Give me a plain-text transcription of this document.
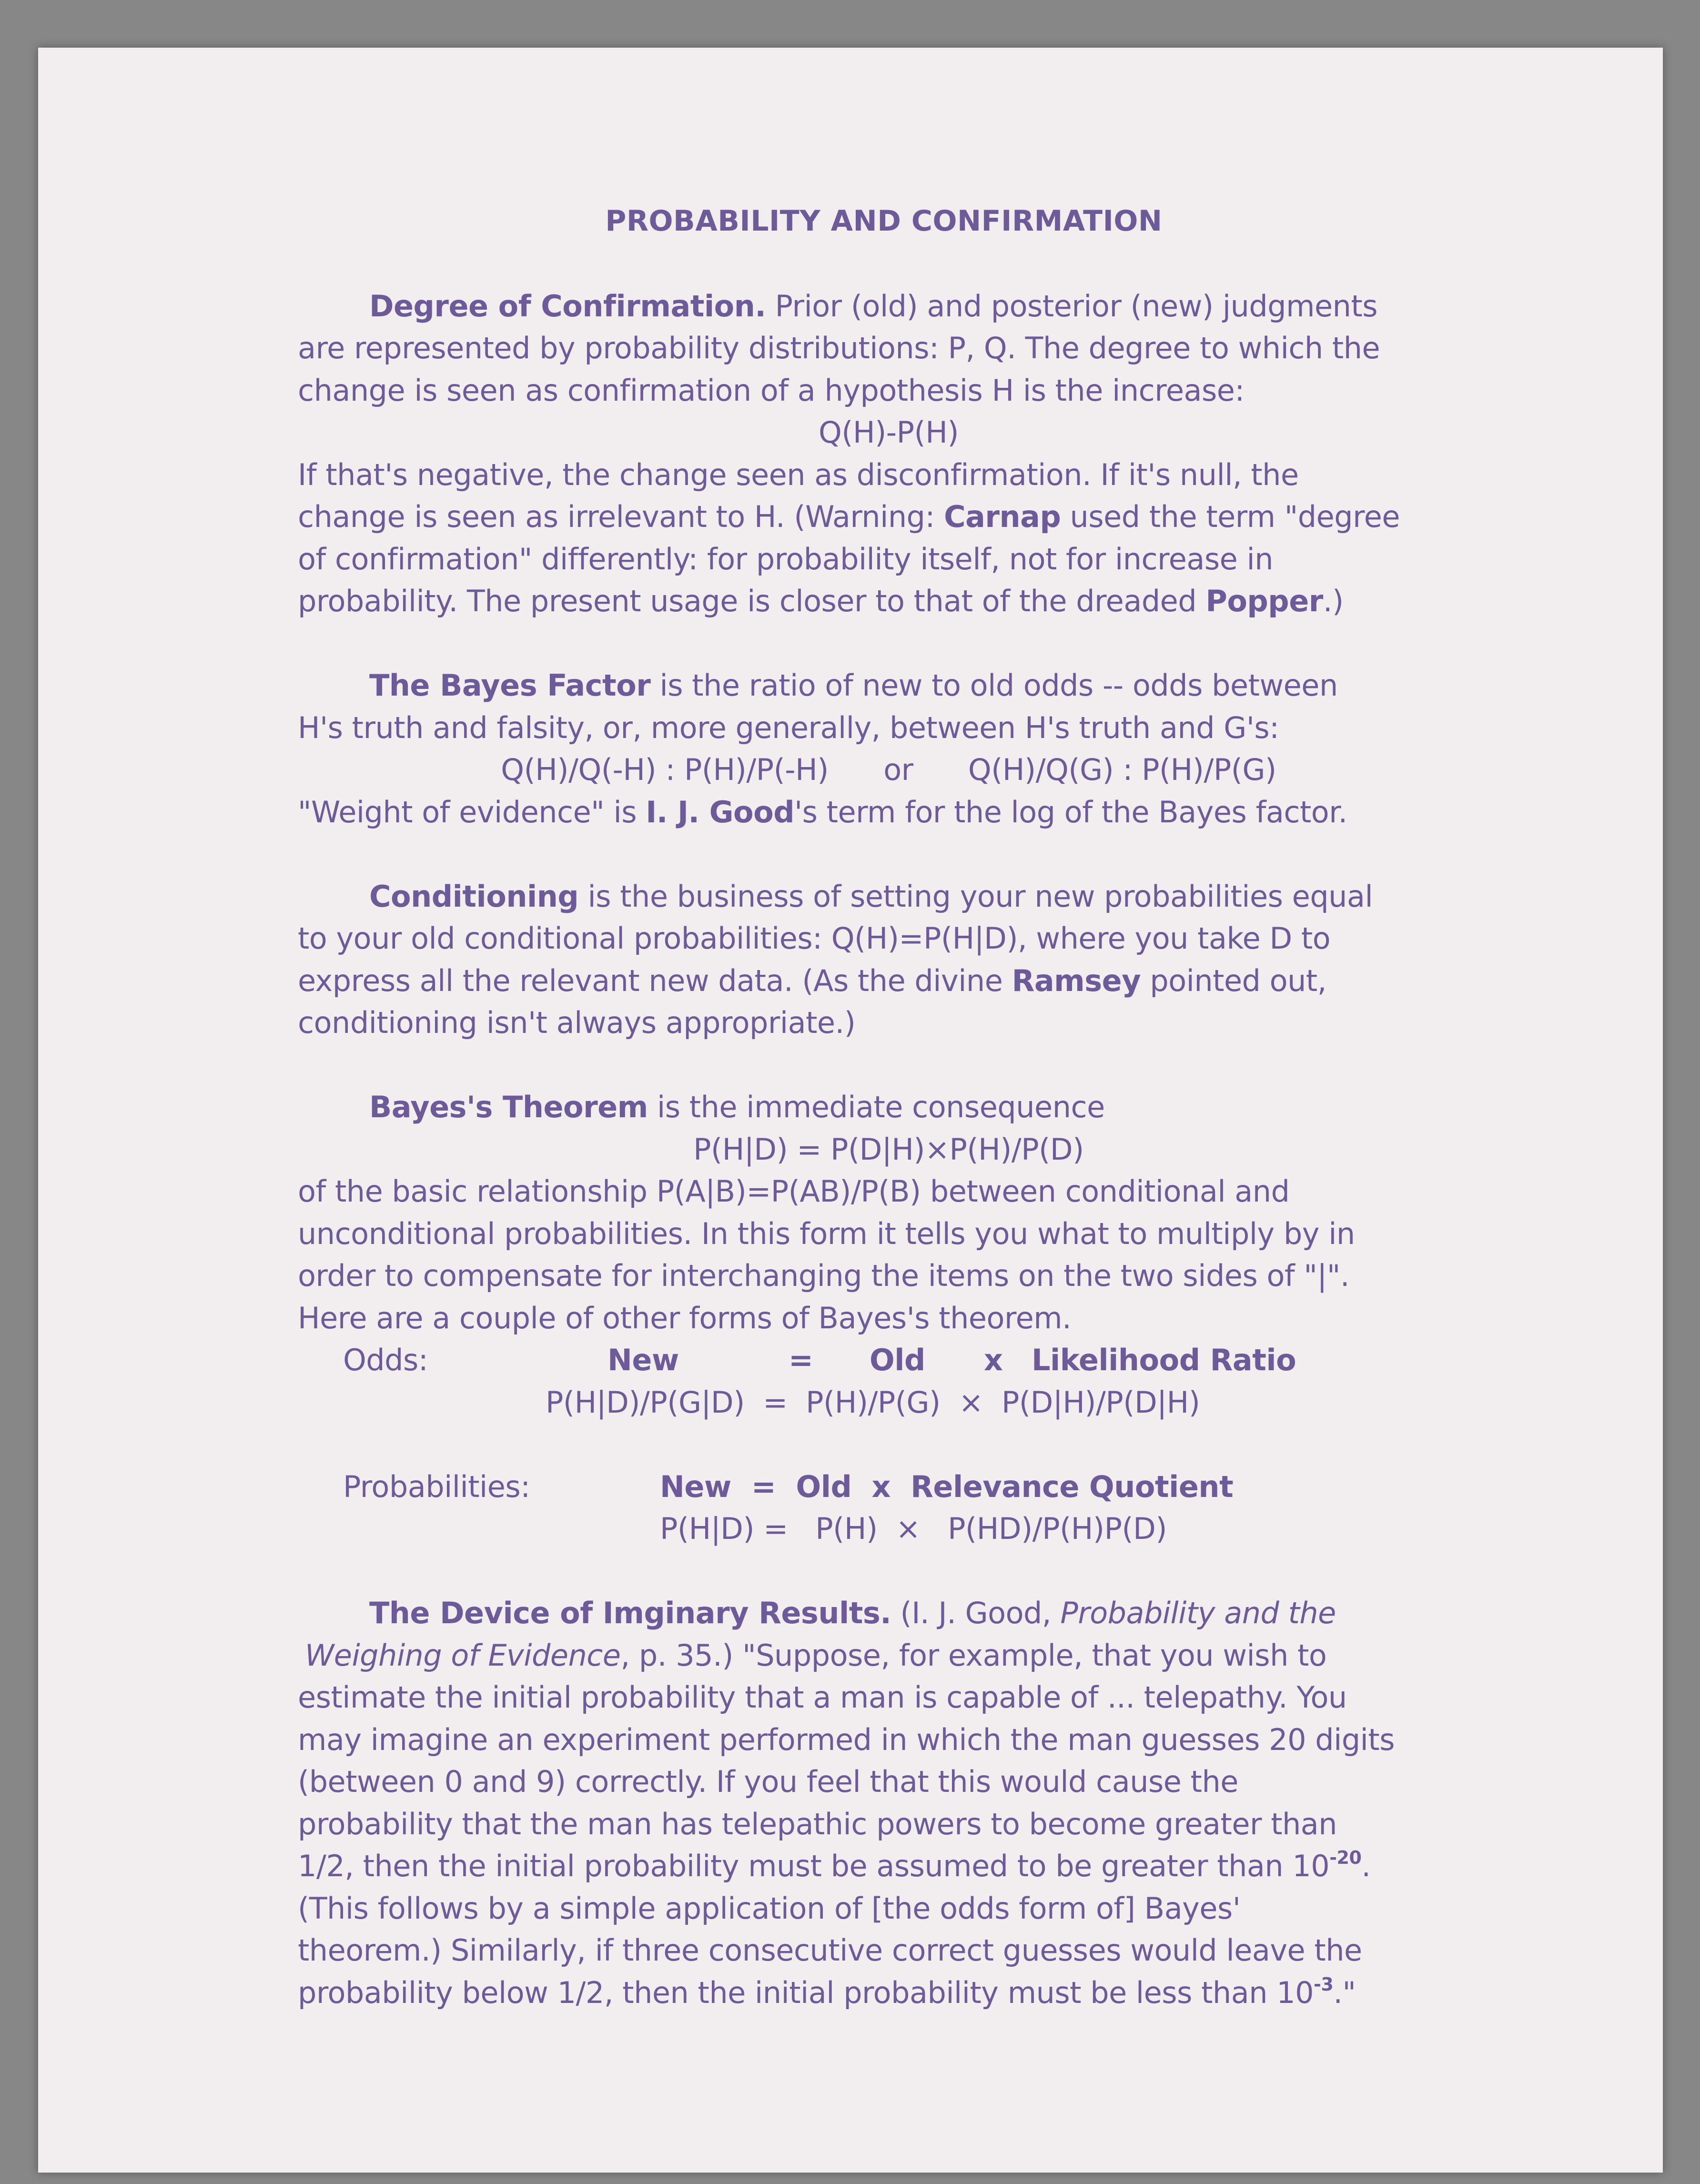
PROBABILITY AND CONFIRMATION
Degree of Confirmation. Prior (old) and posterior (new) judgments
are represented by probability distributions: P, Q. The degree to which the
change is seen as confirmation of a hypothesis H is the increase:
Q(H)-P(H)
If that's negative, the change seen as disconfirmation. If it's null, the
change is seen as irrelevant to H. (Warning: Carnap used the term "degree
of confirmation" differently: for probability itself, not for increase in
probability. The present usage is closer to that of the dreaded Popper.)
The Bayes Factor is the ratio of new to old odds -- odds between
H's truth and falsity, or, more generally, between H's truth and G's:
Q(H)/Q(-H) : P(H)/P(-H)      or      Q(H)/Q(G) : P(H)/P(G)
"Weight of evidence" is I. J. Good's term for the log of the Bayes factor.
Conditioning is the business of setting your new probabilities equal
to your old conditional probabilities: Q(H)=P(H|D), where you take D to
express all the relevant new data. (As the divine Ramsey pointed out,
conditioning isn't always appropriate.)
Bayes's Theorem is the immediate consequence
P(H|D) = P(D|H)×P(H)/P(D)
of the basic relationship P(A|B)=P(AB)/P(B) between conditional and
unconditional probabilities. In this form it tells you what to multiply by in
order to compensate for interchanging the items on the two sides of "|".
Here are a couple of other forms of Bayes's theorem.
Odds:	New	= Old x Likelihood Ratio
P(H|D)/P(G|D)  =  P(H)/P(G)  ×  P(D|H)/P(D|H)
Probabilities:	New  =  Old  x  Relevance Quotient
P(H|D) =   P(H)  ×   P(HD)/P(H)P(D)
The Device of Imginary Results. (I. J. Good, Probability and the
Weighing of Evidence, p. 35.) "Suppose, for example, that you wish to
estimate the initial probability that a man is capable of ... telepathy. You
may imagine an experiment performed in which the man guesses 20 digits
(between 0 and 9) correctly. If you feel that this would cause the
probability that the man has telepathic powers to become greater than
1/2, then the initial probability must be assumed to be greater than $10^{-20}$.
(This follows by a simple application of [the odds form of] Bayes'
theorem.) Similarly, if three consecutive correct guesses would leave the
probability below 1/2, then the initial probability must be less than $10^{-3}$."
